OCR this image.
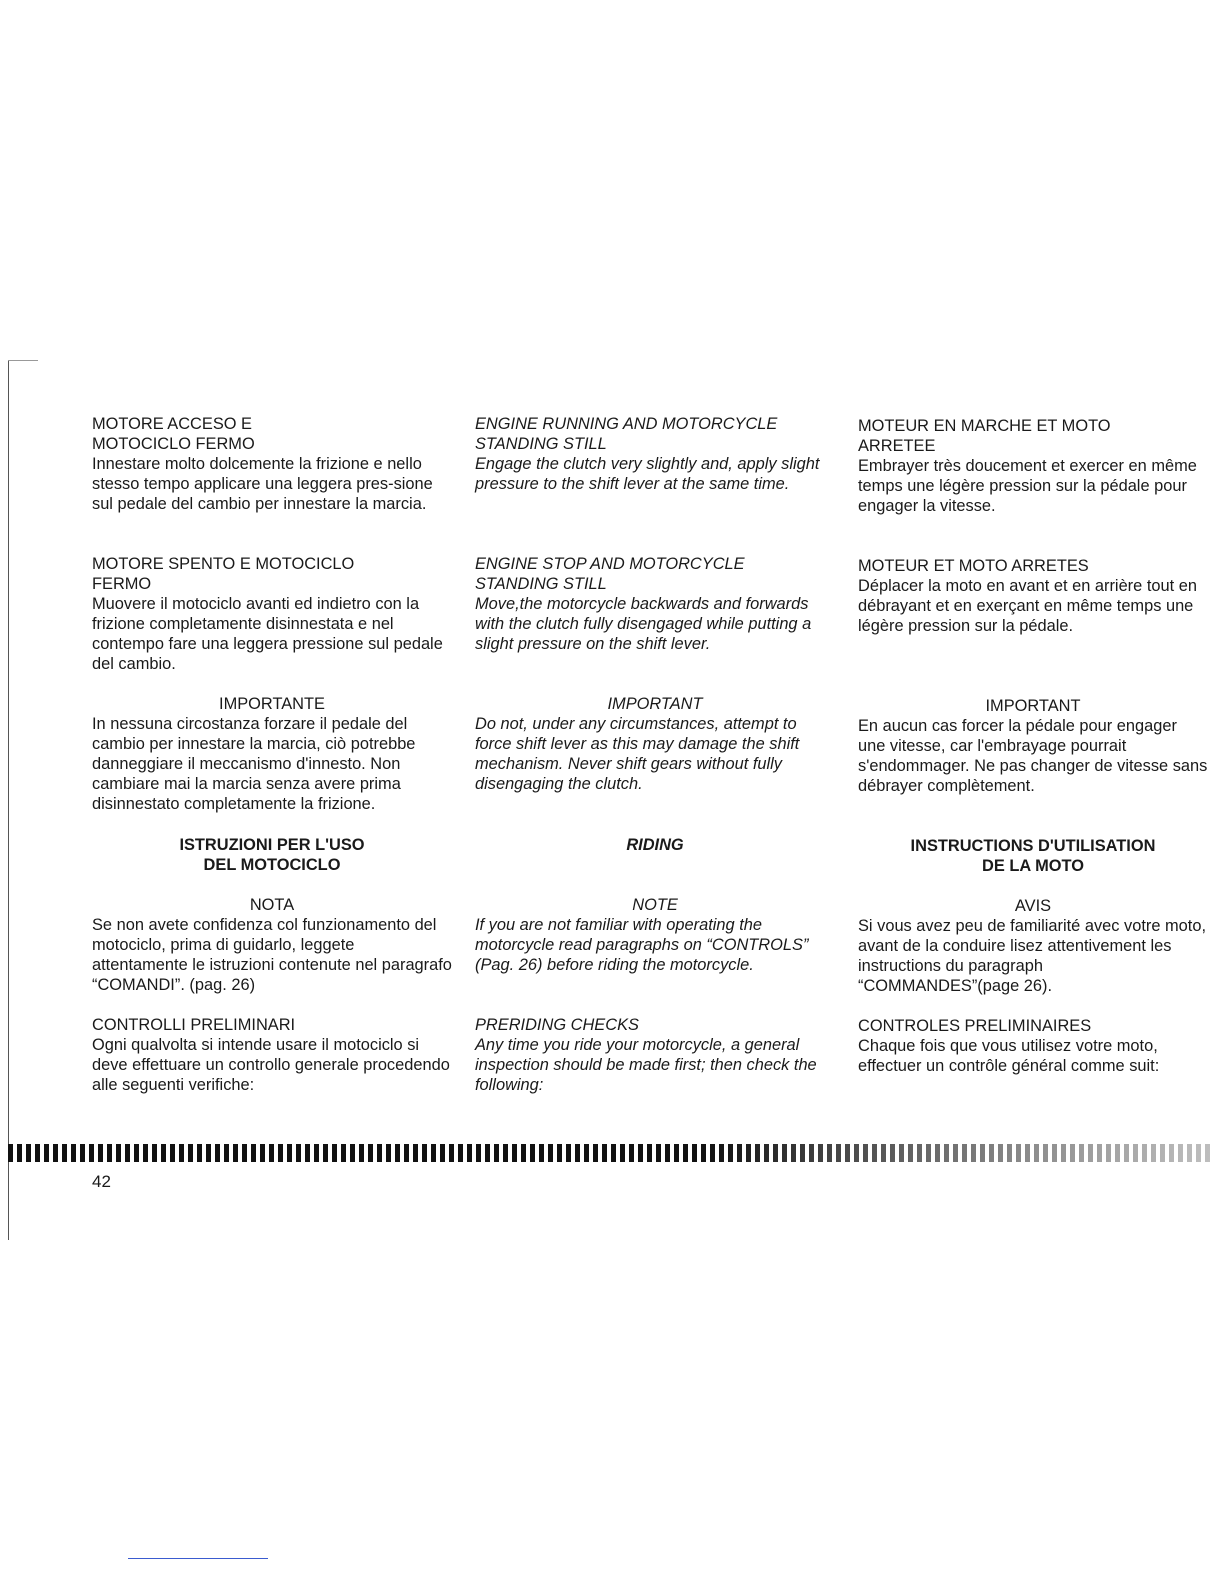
MOTORE ACCESO E
MOTOCICLO FERMO

Innestare molto dolcemente la frizione e nello stesso tempo applicare una leggera pres-sione sul pedale del cambio per innestare la marcia.

MOTORE SPENTO E MOTOCICLO
FERMO

Muovere il motociclo avanti ed indietro con la frizione completamente disinnestata e nel contempo fare una leggera pressione sul pedale del cambio.

IMPORTANTE

In nessuna circostanza forzare il pedale del cambio per innestare la marcia, ciò potrebbe danneggiare il meccanismo d'innesto. Non cambiare mai la marcia senza avere prima disinnestato completamente la frizione.

ISTRUZIONI PER L'USO
DEL MOTOCICLO

NOTA

Se non avete confidenza col funzionamento del motociclo, prima di guidarlo, leggete attentamente le istruzioni contenute nel paragrafo “COMANDI”. (pag. 26)

CONTROLLI PRELIMINARI

Ogni qualvolta si intende usare il motociclo si deve effettuare un controllo generale procedendo alle seguenti verifiche:

ENGINE RUNNING AND MOTORCYCLE
STANDING STILL

Engage the clutch very slightly and, apply slight pressure to the shift lever at the same time.

ENGINE STOP AND MOTORCYCLE
STANDING STILL

Move,the motorcycle backwards and forwards with the clutch fully disengaged while putting a slight pressure on the shift lever.

IMPORTANT

Do not, under any circumstances, attempt to force shift lever as this may damage the shift mechanism. Never shift gears without fully disengaging the clutch.

RIDING

NOTE

If you are not familiar with operating the motorcycle read paragraphs on “CONTROLS” (Pag. 26) before riding the motorcycle.

PRERIDING CHECKS

Any time you ride your motorcycle, a general inspection should be made first; then check the following:

MOTEUR EN MARCHE ET MOTO
ARRETEE

Embrayer très doucement et exercer en même temps une légère pression sur la pédale pour engager la vitesse.

MOTEUR ET MOTO ARRETES

Déplacer la moto en avant et en arrière tout en débrayant et en exerçant en même temps une légère pression sur la pédale.

IMPORTANT

En aucun cas forcer la pédale pour engager une vitesse, car l'embrayage pourrait s'endommager. Ne pas changer de vitesse sans débrayer complètement.

INSTRUCTIONS D'UTILISATION
DE LA MOTO

AVIS

Si vous avez peu de familiarité avec votre moto, avant de la conduire lisez attentivement les instructions du paragraph “COMMANDES”(page 26).

CONTROLES PRELIMINAIRES

Chaque fois que vous utilisez votre moto, effectuer un contrôle général comme suit:

42
